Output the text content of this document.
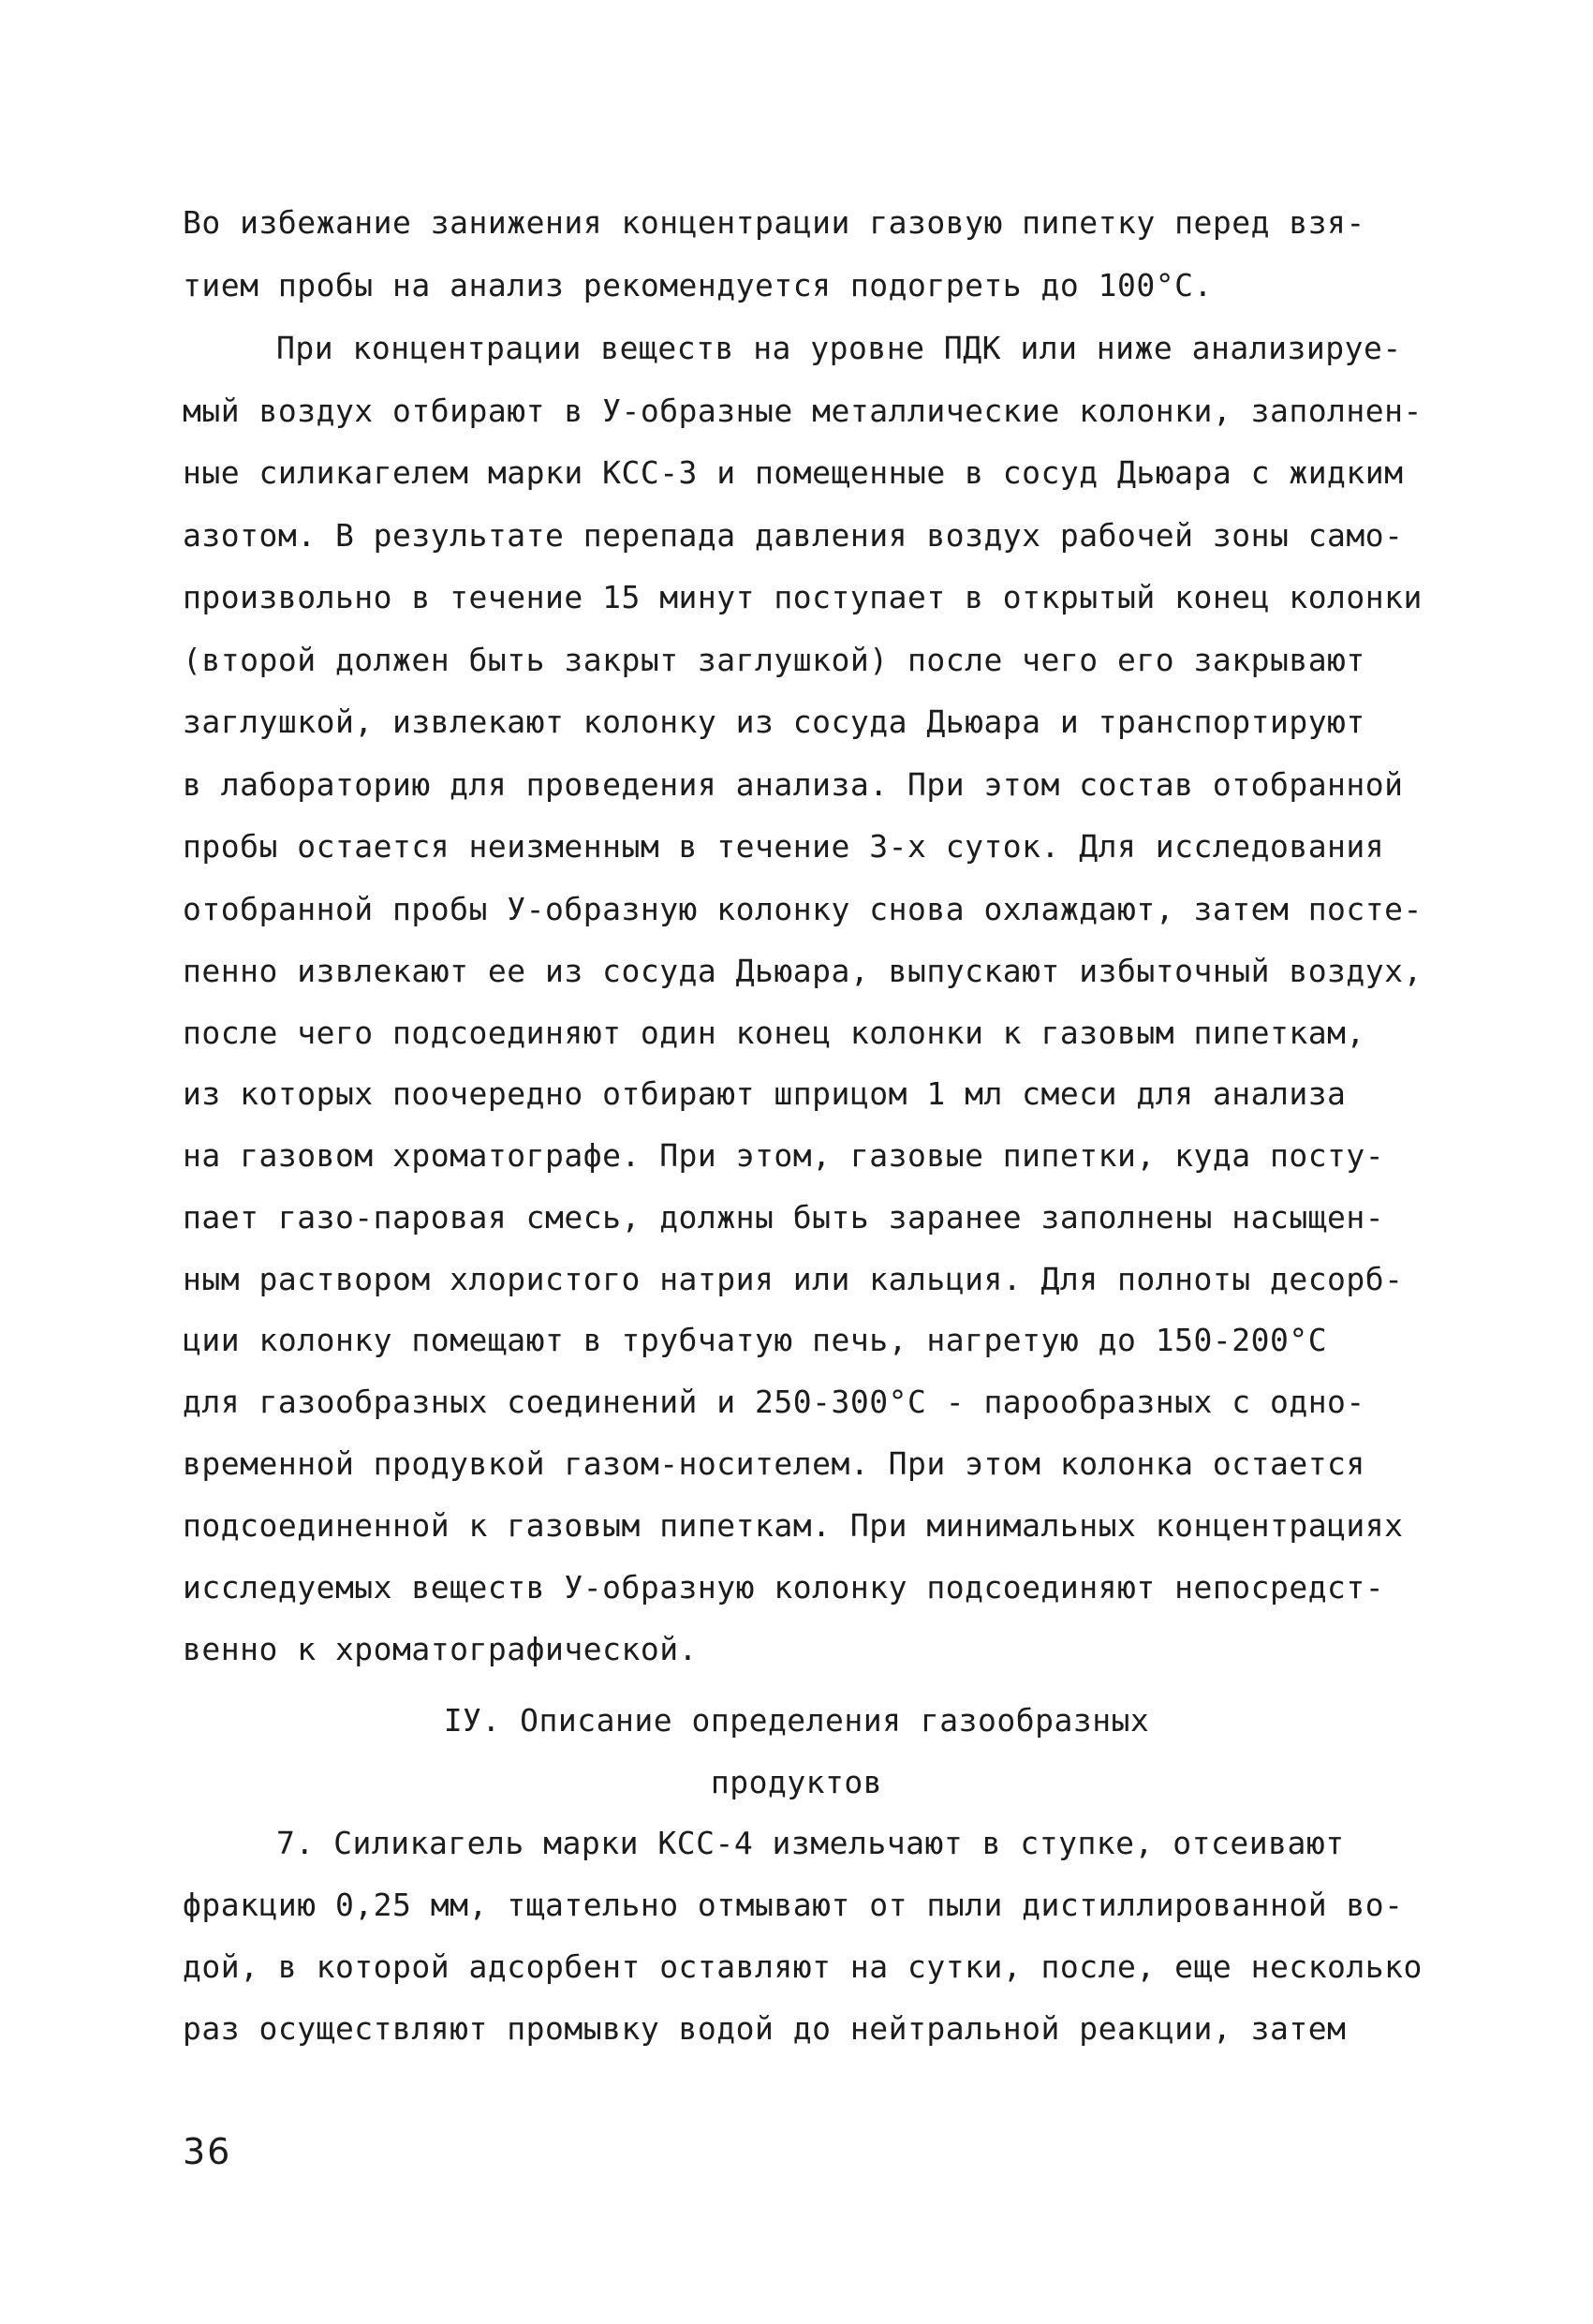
Во избежание занижения концентрации газовую пипетку перед взя-
тием пробы на анализ рекомендуется подогреть до 100°C.
При концентрации веществ на уровне ПДК или ниже анализируе-
мый воздух отбирают в У-образные металлические колонки, заполнен-
ные силикагелем марки КСС-3 и помещенные в сосуд Дьюара с жидким
азотом. В результате перепада давления воздух рабочей зоны само-
произвольно в течение 15 минут поступает в открытый конец колонки
(второй должен быть закрыт заглушкой) после чего его закрывают
заглушкой, извлекают колонку из сосуда Дьюара и транспортируют
в лабораторию для проведения анализа. При этом состав отобранной
пробы остается неизменным в течение 3-х суток. Для исследования
отобранной пробы У-образную колонку снова охлаждают, затем посте-
пенно извлекают ее из сосуда Дьюара, выпускают избыточный воздух,
после чего подсоединяют один конец колонки к газовым пипеткам,
из которых поочередно отбирают шприцом 1 мл смеси для анализа
на газовом хроматографе. При этом, газовые пипетки, куда посту-
пает газо-паровая смесь, должны быть заранее заполнены насыщен-
ным раствором хлористого натрия или кальция. Для полноты десорб-
ции колонку помещают в трубчатую печь, нагретую до 150-200°C
для газообразных соединений и 250-300°C - парообразных с одно-
временной продувкой газом-носителем. При этом колонка остается
подсоединенной к газовым пипеткам. При минимальных концентрациях
исследуемых веществ У-образную колонку подсоединяют непосредст-
венно к хроматографической.
IУ. Описание определения газообразных
продуктов
7. Силикагель марки КСС-4 измельчают в ступке, отсеивают
фракцию 0,25 мм, тщательно отмывают от пыли дистиллированной во-
дой, в которой адсорбент оставляют на сутки, после, еще несколько
раз осуществляют промывку водой до нейтральной реакции, затем
36
